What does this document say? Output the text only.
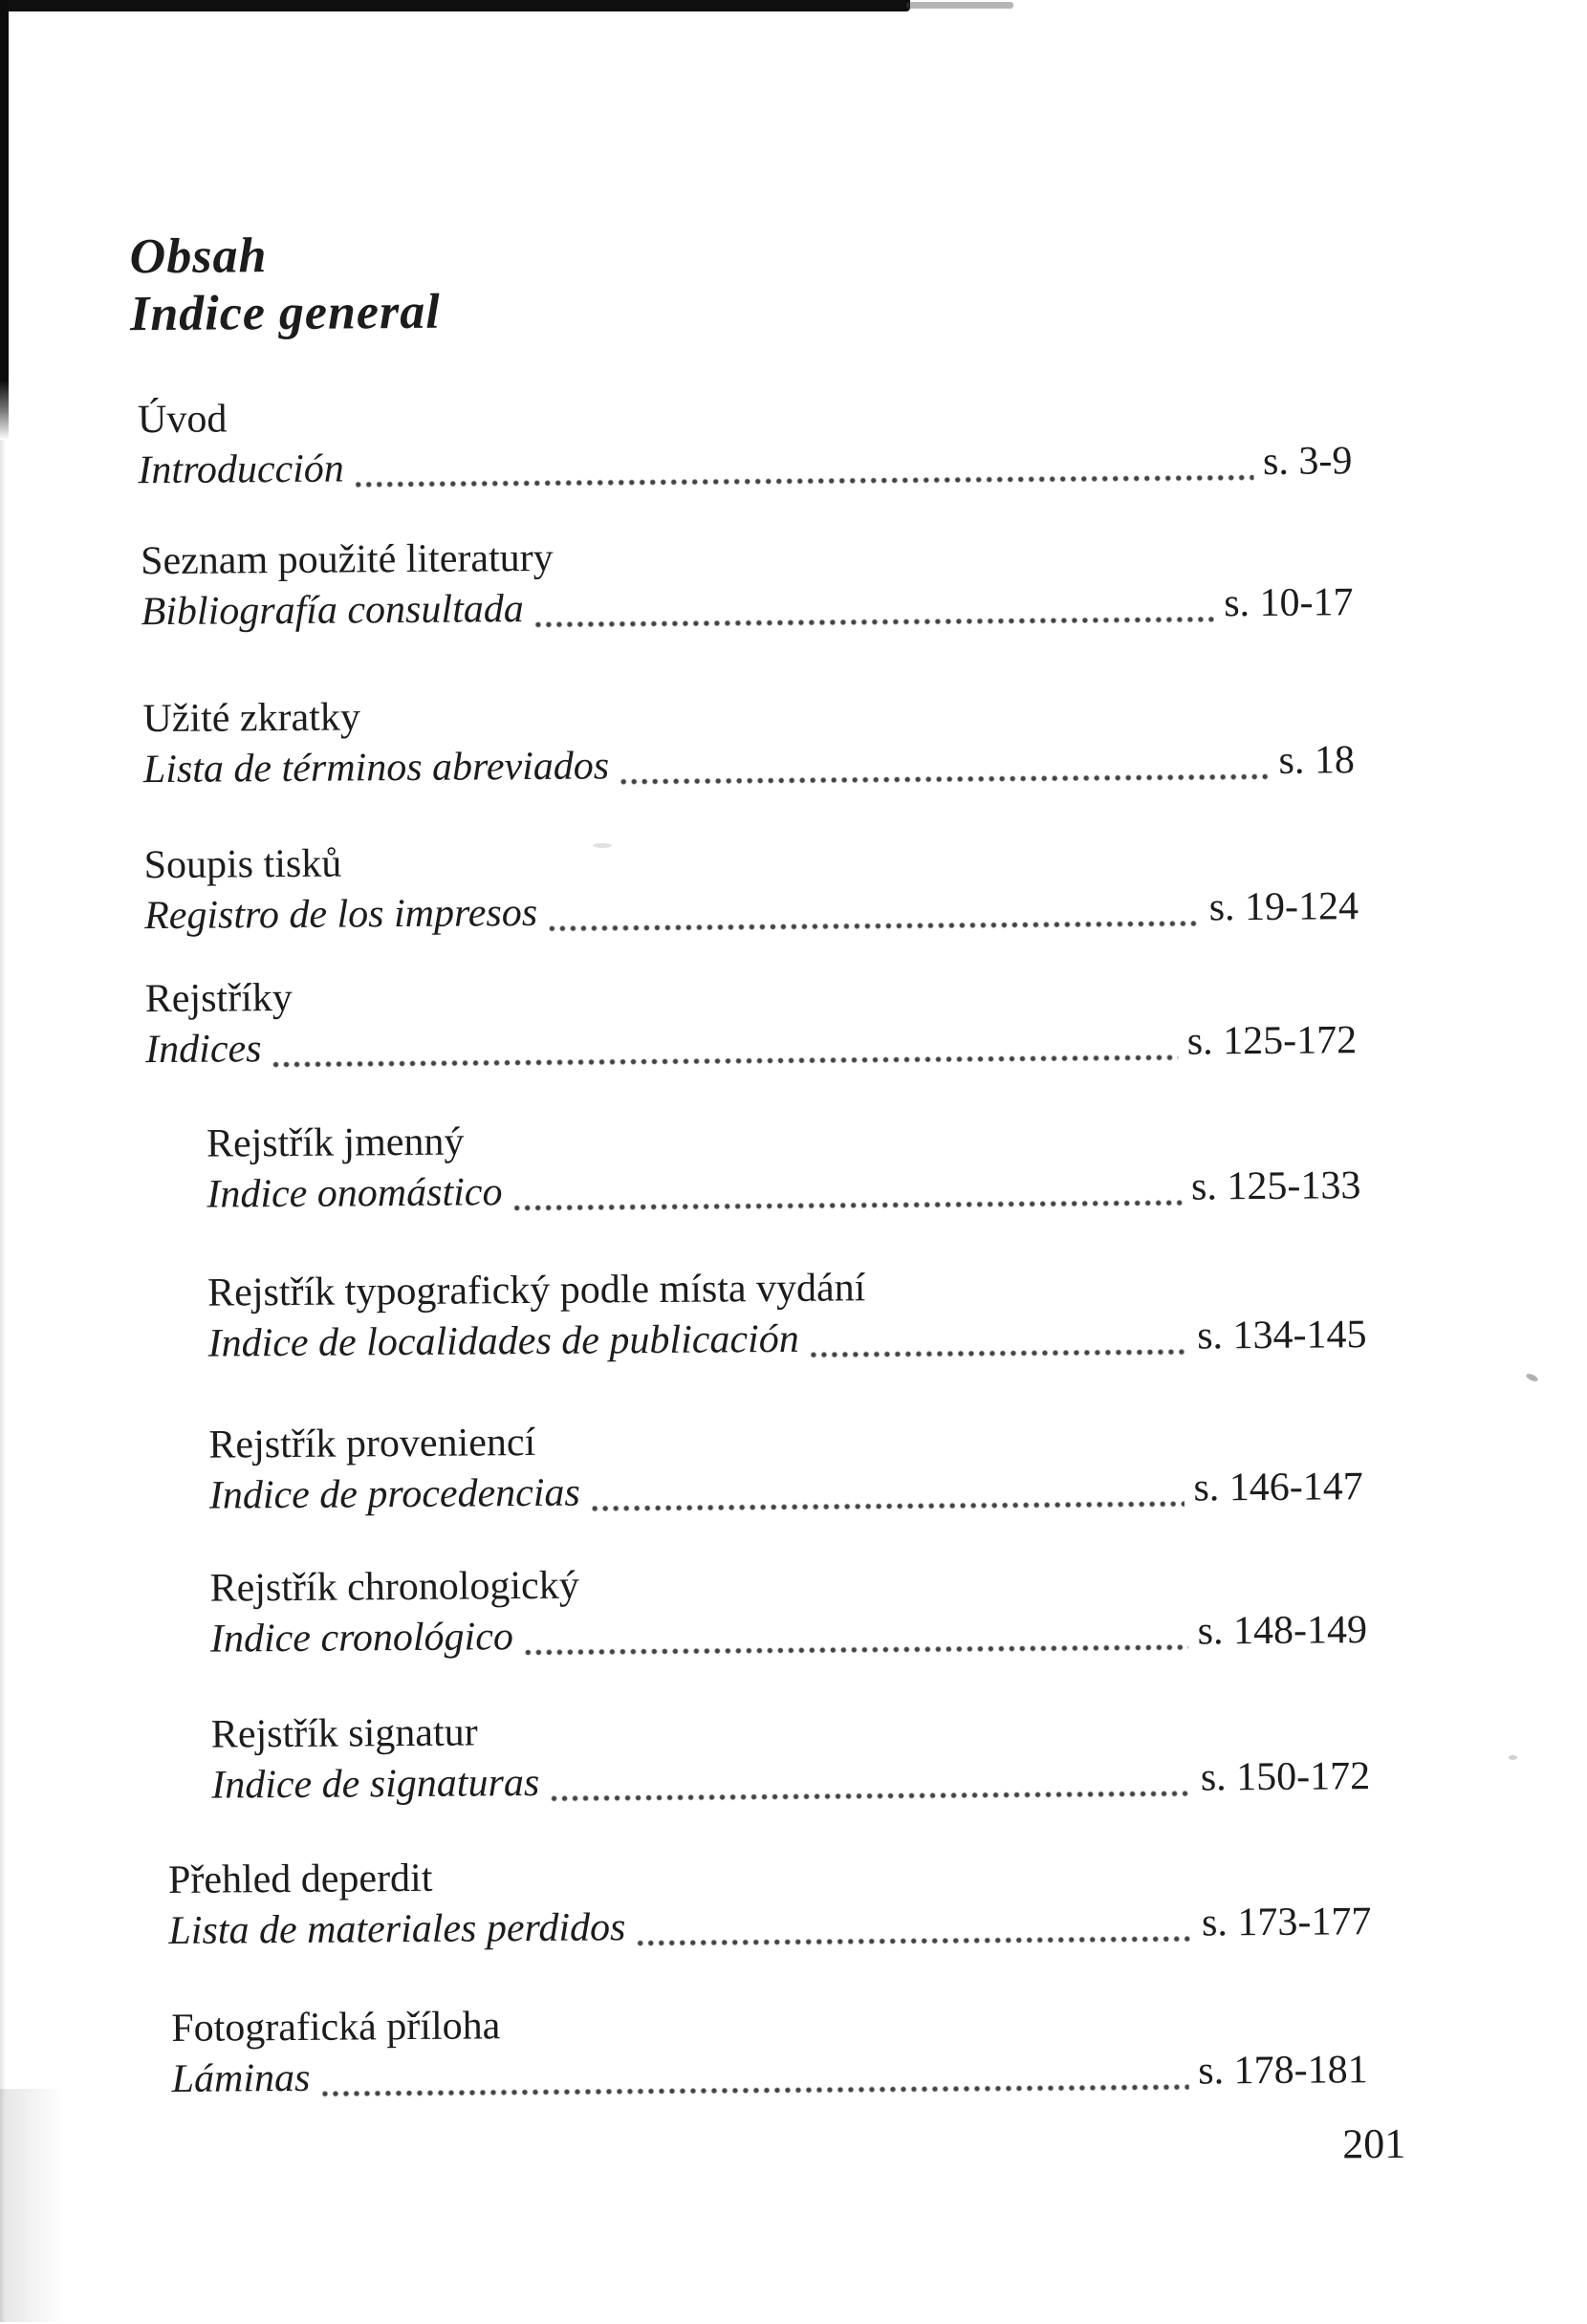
Obsah
Indice general
Úvod
Introducción	s. 3-9
Seznam použité literatury
Bibliografía consultada	s. 10-17
Užité zkratky
Lista de términos abreviados	s. 18
Soupis tisků
Registro de los impresos	s. 19-124
Rejstříky
Indices	s. 125-172
Rejstřík jmenný
Indice onomástico	s. 125-133
Rejstřík typografický podle místa vydání
Indice de localidades de publicación	s. 134-145
Rejstřík proveniencí
Indice de procedencias	s. 146-147
Rejstřík chronologický
Indice cronológico	s. 148-149
Rejstřík signatur
Indice de signaturas	s. 150-172
Přehled deperdit
Lista de materiales perdidos	s. 173-177
Fotografická příloha
Láminas	s. 178-181
201
